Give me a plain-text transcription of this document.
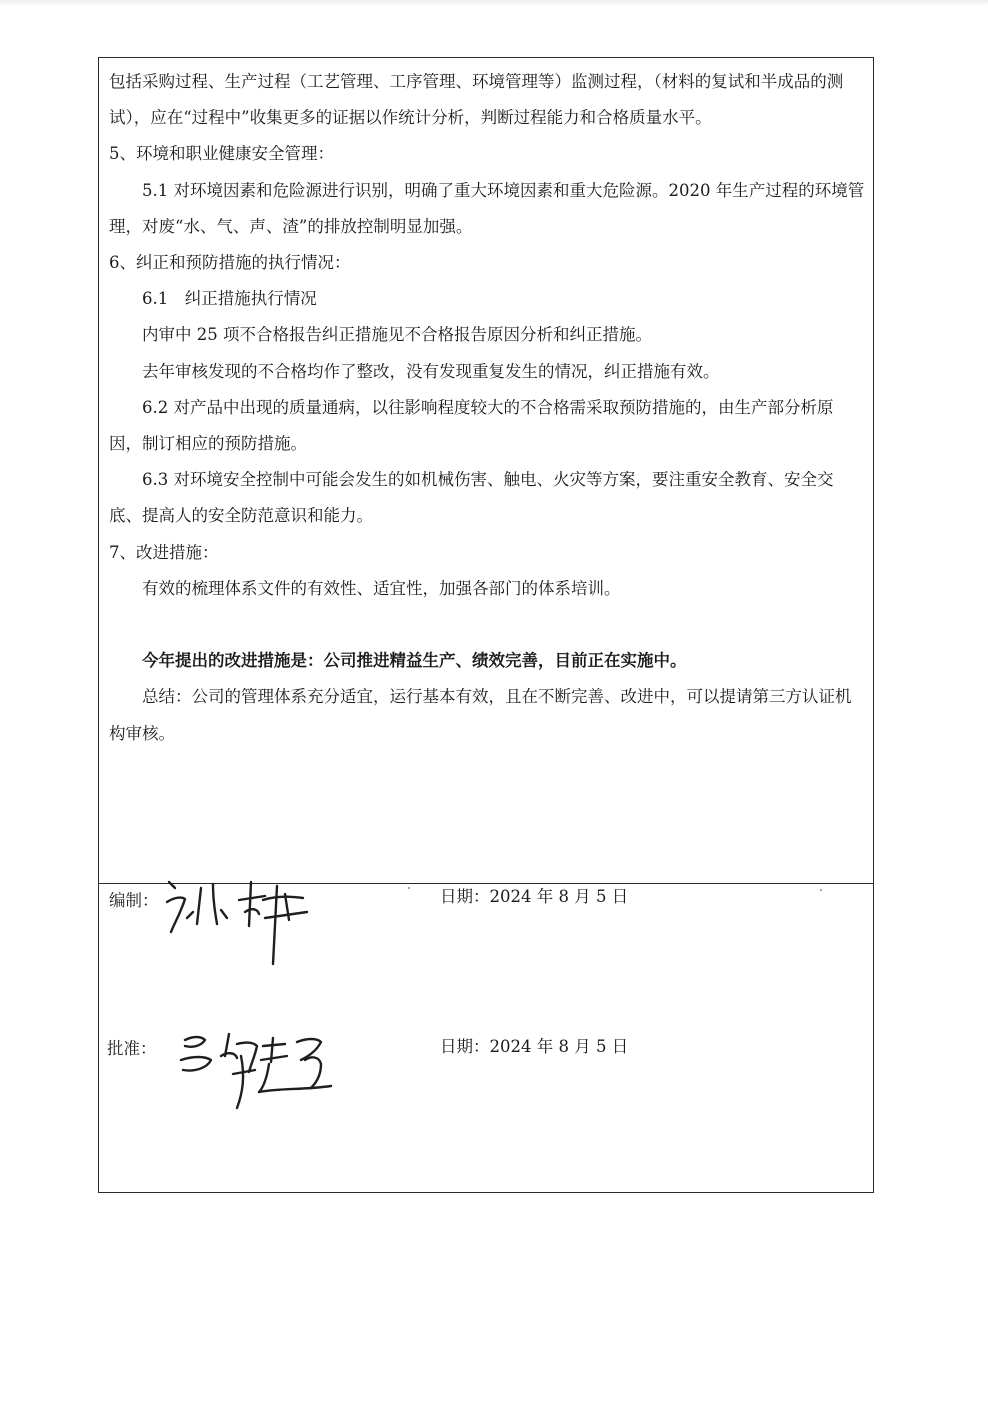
包括采购过程、生产过程（工艺管理、工序管理、环境管理等）监测过程，（材料的复试和半成品的测试），应在“过程中”收集更多的证据以作统计分析，判断过程能力和合格质量水平。

5、环境和职业健康安全管理：

5.1 对环境因素和危险源进行识别，明确了重大环境因素和重大危险源。2020 年生产过程的环境管理，对废“水、气、声、渣”的排放控制明显加强。

6、纠正和预防措施的执行情况：

6.1　纠正措施执行情况

内审中 25 项不合格报告纠正措施见不合格报告原因分析和纠正措施。

去年审核发现的不合格均作了整改，没有发现重复发生的情况，纠正措施有效。

6.2 对产品中出现的质量通病，以往影响程度较大的不合格需采取预防措施的，由生产部分析原因，制订相应的预防措施。

6.3 对环境安全控制中可能会发生的如机械伤害、触电、火灾等方案，要注重安全教育、安全交底、提高人的安全防范意识和能力。

7、改进措施：

有效的梳理体系文件的有效性、适宜性，加强各部门的体系培训。

今年提出的改进措施是：公司推进精益生产、绩效完善，目前正在实施中。

总结：公司的管理体系充分适宜，运行基本有效，且在不断完善、改进中，可以提请第三方认证机构审核。

编制：	日期：2024 年 8 月 5 日
批准：	日期：2024 年 8 月 5 日
